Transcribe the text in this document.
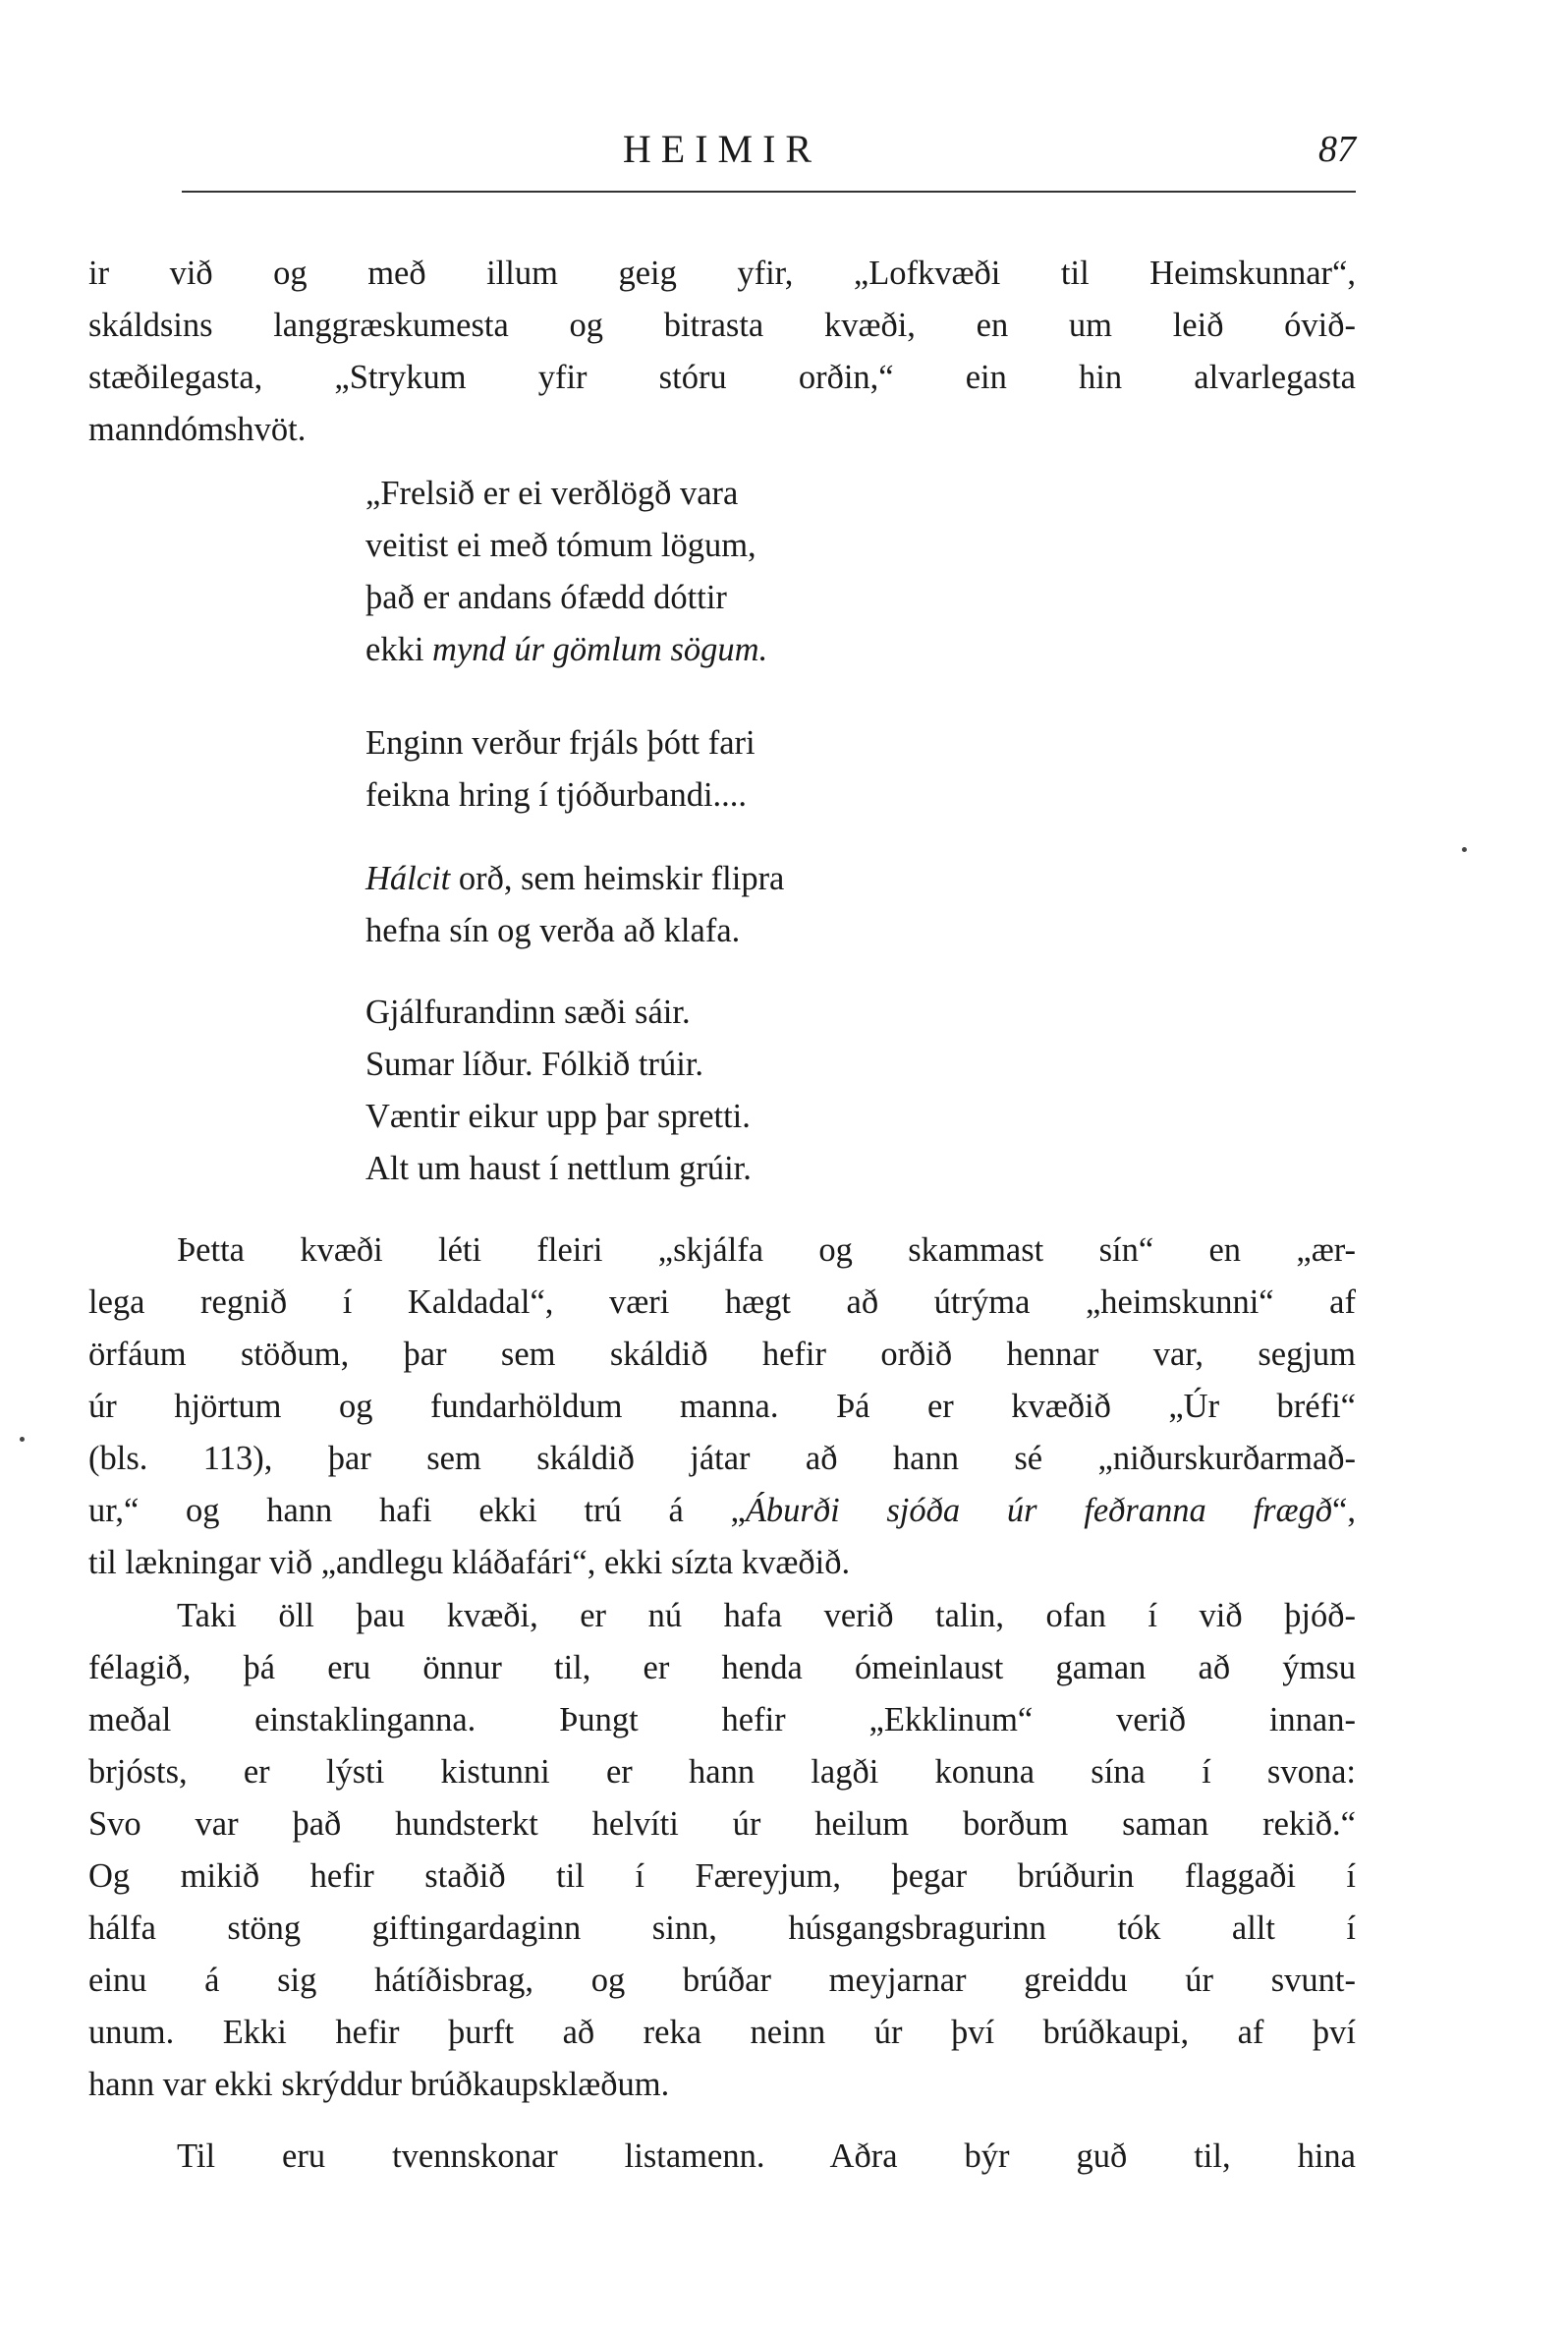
HEIMIR	87
ir við og með illum geig yfir, „Lofkvæði til Heimskunnar“,
skáldsins langgræskumesta og bitrasta kvæði, en um leið óvið-
stæðilegasta, „Strykum yfir stóru orðin,“ ein hin alvarlegasta
manndómshvöt.
„Frelsið er ei verðlögð vara
veitist ei með tómum lögum,
það er andans ófædd dóttir
ekki mynd úr gömlum sögum.
Enginn verður frjáls þótt fari
feikna hring í tjóðurbandi....
Hálcit orð, sem heimskir flipra
hefna sín og verða að klafa.
Gjálfurandinn sæði sáir.
Sumar líður. Fólkið trúir.
Væntir eikur upp þar spretti.
Alt um haust í nettlum grúir.
Þetta kvæði léti fleiri „skjálfa og skammast sín“ en „ær-
lega regnið í Kaldadal“, væri hægt að útrýma „heimskunni“ af
örfáum stöðum, þar sem skáldið hefir orðið hennar var, segjum
úr hjörtum og fundarhöldum manna. Þá er kvæðið „Úr bréfi“
(bls. 113), þar sem skáldið játar að hann sé „niðurskurðarmað-
ur,“ og hann hafi ekki trú á „Áburði sjóða úr feðranna frægð“,
til lækningar við „andlegu kláðafári“, ekki sízta kvæðið.
Taki öll þau kvæði, er nú hafa verið talin, ofan í við þjóð-
félagið, þá eru önnur til, er henda ómeinlaust gaman að ýmsu
meðal einstaklinganna. Þungt hefir „Ekklinum“ verið innan-
brjósts, er lýsti kistunni er hann lagði konuna sína í svona:
Svo var það hundsterkt helvíti úr heilum borðum saman rekið.“
Og mikið hefir staðið til í Færeyjum, þegar brúðurin flaggaði í
hálfa stöng giftingardaginn sinn, húsgangsbragurinn tók allt í
einu á sig hátíðisbrag, og brúðar meyjarnar greiddu úr svunt-
unum. Ekki hefir þurft að reka neinn úr því brúðkaupi, af því
hann var ekki skrýddur brúðkaupsklæðum.
Til eru tvennskonar listamenn. Aðra býr guð til, hina
